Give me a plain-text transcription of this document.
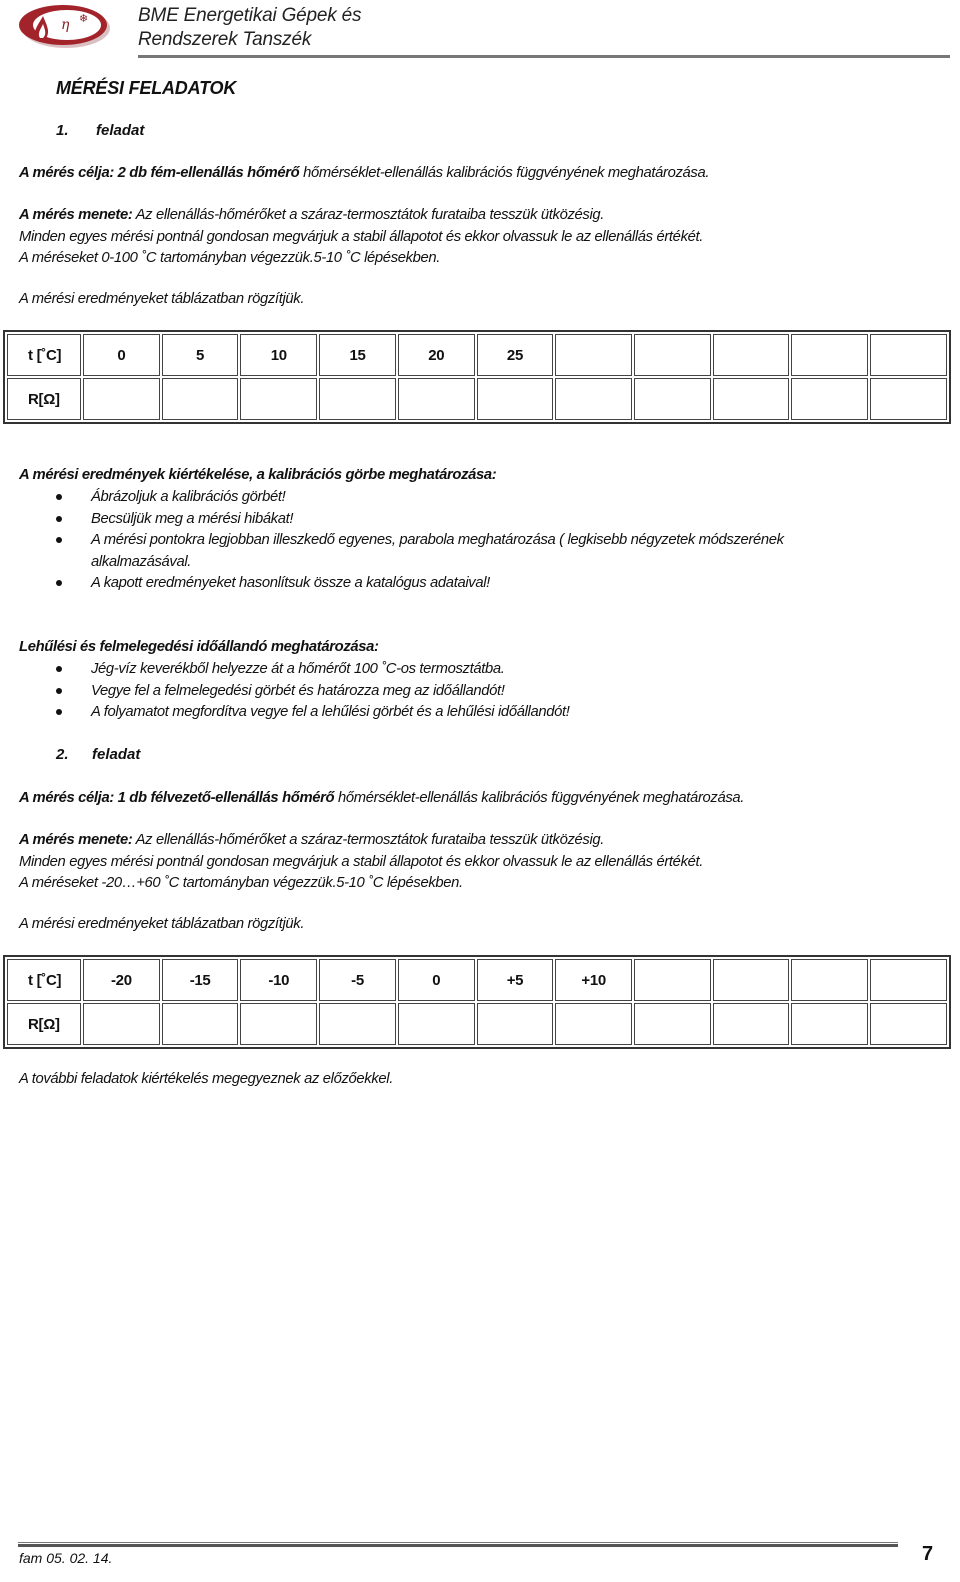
η ❄	BME Energetikai Gépek és
Rendszerek Tanszék
MÉRÉSI FELADATOK
1. feladat
A mérés célja: 2 db fém-ellenállás hőmérő hőmérséklet-ellenállás kalibrációs függvényének meghatározása.
A mérés menete: Az ellenállás-hőmérőket a száraz-termosztátok furataiba tesszük ütközésig.
Minden egyes mérési pontnál gondosan megvárjuk a stabil állapotot és ekkor olvassuk le az ellenállás értékét.
A méréseket 0-100 ˚C tartományban végezzük.5-10 ˚C lépésekben.
A mérési eredményeket táblázatban rögzítjük.
t [˚C]	0	5	10	15	20	25					
R[Ω]											
A mérési eredmények kiértékelése, a kalibrációs görbe meghatározása:
Ábrázoljuk a kalibrációs görbét!
Becsüljük meg a mérési hibákat!
A mérési pontokra legjobban illeszkedő egyenes, parabola meghatározása ( legkisebb négyzetek módszerének
alkalmazásával.
A kapott eredményeket hasonlítsuk össze a katalógus adataival!
Lehűlési és felmelegedési időállandó meghatározása:
Jég-víz keverékből helyezze át a hőmérőt 100 ˚C-os termosztátba.
Vegye fel a felmelegedési görbét és határozza meg az időállandót!
A folyamatot megfordítva vegye fel a lehűlési görbét és a lehűlési időállandót!
2. feladat
A mérés célja: 1 db félvezető-ellenállás hőmérő hőmérséklet-ellenállás kalibrációs függvényének meghatározása.
A mérés menete: Az ellenállás-hőmérőket a száraz-termosztátok furataiba tesszük ütközésig.
Minden egyes mérési pontnál gondosan megvárjuk a stabil állapotot és ekkor olvassuk le az ellenállás értékét.
A méréseket -20…+60 ˚C tartományban végezzük.5-10 ˚C lépésekben.
A mérési eredményeket táblázatban rögzítjük.
t [˚C]	-20	-15	-10	-5	0	+5	+10				
R[Ω]											
A további feladatok kiértékelés megegyeznek az előzőekkel.
fam 05. 02. 14.	7
